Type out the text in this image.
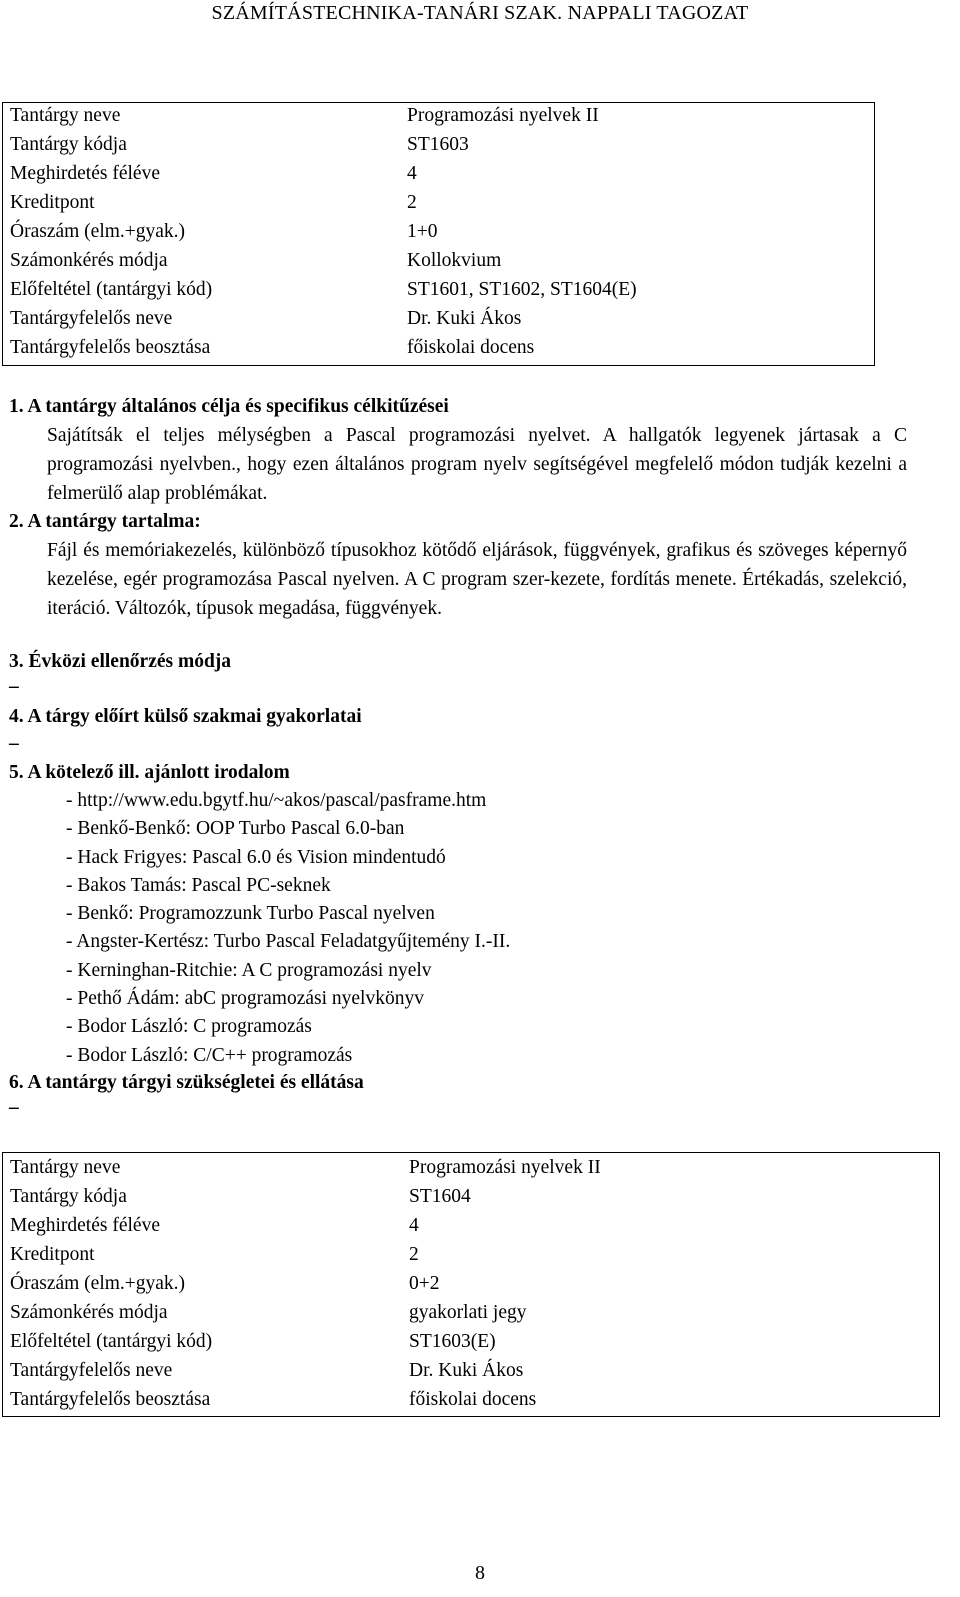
SZÁMÍTÁSTECHNIKA-TANÁRI SZAK. NAPPALI TAGOZAT
Tantárgy neve	Programozási nyelvek II
Tantárgy kódja	ST1603
Meghirdetés féléve	4
Kreditpont	2
Óraszám (elm.+gyak.)	1+0
Számonkérés módja	Kollokvium
Előfeltétel (tantárgyi kód)	ST1601, ST1602, ST1604(E)
Tantárgyfelelős neve	Dr. Kuki Ákos
Tantárgyfelelős beosztása	főiskolai docens
1. A tantárgy általános célja és specifikus célkitűzései
Sajátítsák el teljes mélységben a Pascal programozási nyelvet. A hallgatók legyenek jártasak a C programozási nyelvben., hogy ezen általános program nyelv segítségével megfelelő módon tudják kezelni a felmerülő alap problémákat.
2. A tantárgy tartalma:
Fájl és memóriakezelés, különböző típusokhoz kötődő eljárások, függvények, grafikus és szöveges képernyő kezelése, egér programozása Pascal nyelven. A C program szer-kezete, fordítás menete. Értékadás, szelekció, iteráció. Változók, típusok megadása, függvények.
3. Évközi ellenőrzés módja
–
4. A tárgy előírt külső szakmai gyakorlatai
–
5. A kötelező ill. ajánlott irodalom
- http://www.edu.bgytf.hu/~akos/pascal/pasframe.htm
- Benkő-Benkő: OOP Turbo Pascal 6.0-ban
- Hack Frigyes: Pascal 6.0 és Vision mindentudó
- Bakos Tamás: Pascal PC-seknek
- Benkő: Programozzunk Turbo Pascal nyelven
- Angster-Kertész: Turbo Pascal Feladatgyűjtemény I.-II.
- Kerninghan-Ritchie: A C programozási nyelv
- Pethő Ádám: abC programozási nyelvkönyv
- Bodor László: C programozás
- Bodor László: C/C++ programozás
6. A tantárgy tárgyi szükségletei és ellátása
–
Tantárgy neve	Programozási nyelvek II
Tantárgy kódja	ST1604
Meghirdetés féléve	4
Kreditpont	2
Óraszám (elm.+gyak.)	0+2
Számonkérés módja	gyakorlati jegy
Előfeltétel (tantárgyi kód)	ST1603(E)
Tantárgyfelelős neve	Dr. Kuki Ákos
Tantárgyfelelős beosztása	főiskolai docens
8
